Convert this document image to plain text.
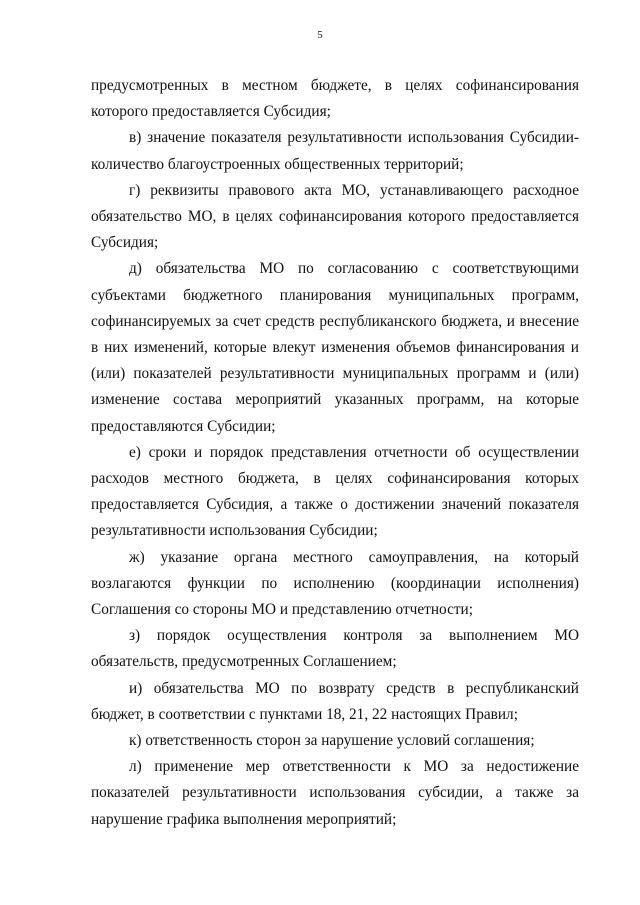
5

предусмотренных в местном бюджете, в целях софинансирования которого предоставляется Субсидия;

в) значение показателя результативности использования Субсидии-количество благоустроенных общественных территорий;

г) реквизиты правового акта МО, устанавливающего расходное обязательство МО, в целях софинансирования которого предоставляется Субсидия;

д) обязательства МО по согласованию с соответствующими субъектами бюджетного планирования муниципальных программ, софинансируемых за счет средств республиканского бюджета, и внесение в них изменений, которые влекут изменения объемов финансирования и (или) показателей результативности муниципальных программ и (или) изменение состава мероприятий указанных программ, на которые предоставляются Субсидии;

е) сроки и порядок представления отчетности об осуществлении расходов местного бюджета, в целях софинансирования которых предоставляется Субсидия, а также о достижении значений показателя результативности использования Субсидии;

ж) указание органа местного самоуправления, на который возлагаются функции по исполнению (координации исполнения) Соглашения со стороны МО и представлению отчетности;

з) порядок осуществления контроля за выполнением МО обязательств, предусмотренных Соглашением;

и) обязательства МО по возврату средств в республиканский бюджет, в соответствии с пунктами 18, 21, 22 настоящих Правил;

к) ответственность сторон за нарушение условий соглашения;

л) применение мер ответственности к МО за недостижение показателей результативности использования субсидии, а также за нарушение графика выполнения мероприятий;
